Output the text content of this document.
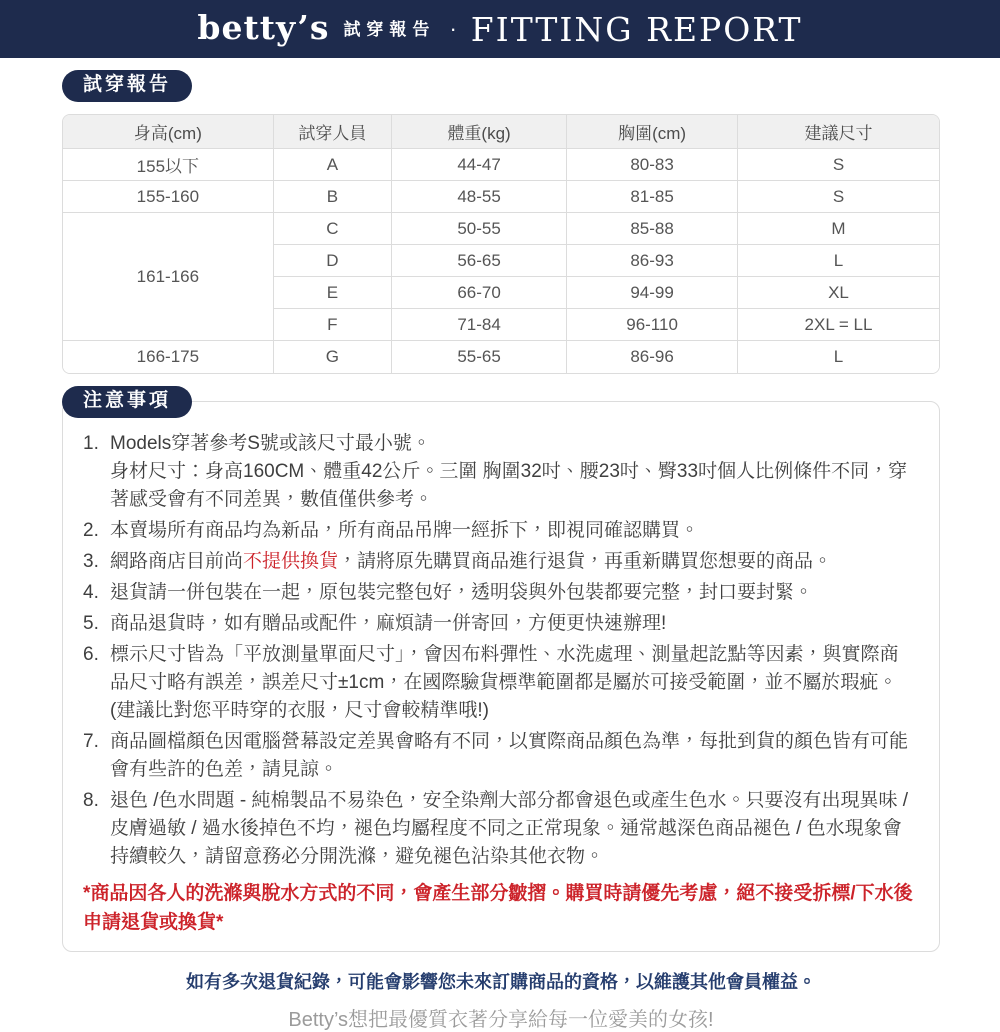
betty’s 試穿報告 · FITTING REPORT
試穿報告
身高(cm)	試穿人員	體重(kg)	胸圍(cm)	建議尺寸
155以下	A	44-47	80-83	S
155-160	B	48-55	81-85	S
161-166	C	50-55	85-88	M
	D	56-65	86-93	L
	E	66-70	94-99	XL
	F	71-84	96-110	2XL = LL
166-175	G	55-65	86-96	L
注意事項
1. Models穿著參考S號或該尺寸最小號。
身材尺寸：身高160CM、體重42公斤。三圍 胸圍32吋、腰23吋、臀33吋個人比例條件不同，穿著感受會有不同差異，數值僅供參考。
2. 本賣場所有商品均為新品，所有商品吊牌一經拆下，即視同確認購買。
3. 網路商店目前尚不提供換貨，請將原先購買商品進行退貨，再重新購買您想要的商品。
4. 退貨請一併包裝在一起，原包裝完整包好，透明袋與外包裝都要完整，封口要封緊。
5. 商品退貨時，如有贈品或配件，麻煩請一併寄回，方便更快速辦理!
6. 標示尺寸皆為「平放測量單面尺寸」，會因布料彈性、水洗處理、測量起訖點等因素，與實際商品尺寸略有誤差，誤差尺寸±1cm，在國際驗貨標準範圍都是屬於可接受範圍，並不屬於瑕疵。 (建議比對您平時穿的衣服，尺寸會較精準哦!)
7. 商品圖檔顏色因電腦營幕設定差異會略有不同，以實際商品顏色為準，每批到貨的顏色皆有可能會有些許的色差，請見諒。
8. 退色 /色水問題 - 純棉製品不易染色，安全染劑大部分都會退色或產生色水。只要沒有出現異味 /皮膚過敏 / 過水後掉色不均，褪色均屬程度不同之正常現象。通常越深色商品褪色 / 色水現象會持續較久，請留意務必分開洗滌，避免褪色沾染其他衣物。
*商品因各人的洗滌與脫水方式的不同，會產生部分皺摺。購買時請優先考慮，絕不接受拆標/下水後申請退貨或換貨*
如有多次退貨紀錄，可能會影響您未來訂購商品的資格，以維護其他會員權益。
Betty’s想把最優質衣著分享給每一位愛美的女孩!
